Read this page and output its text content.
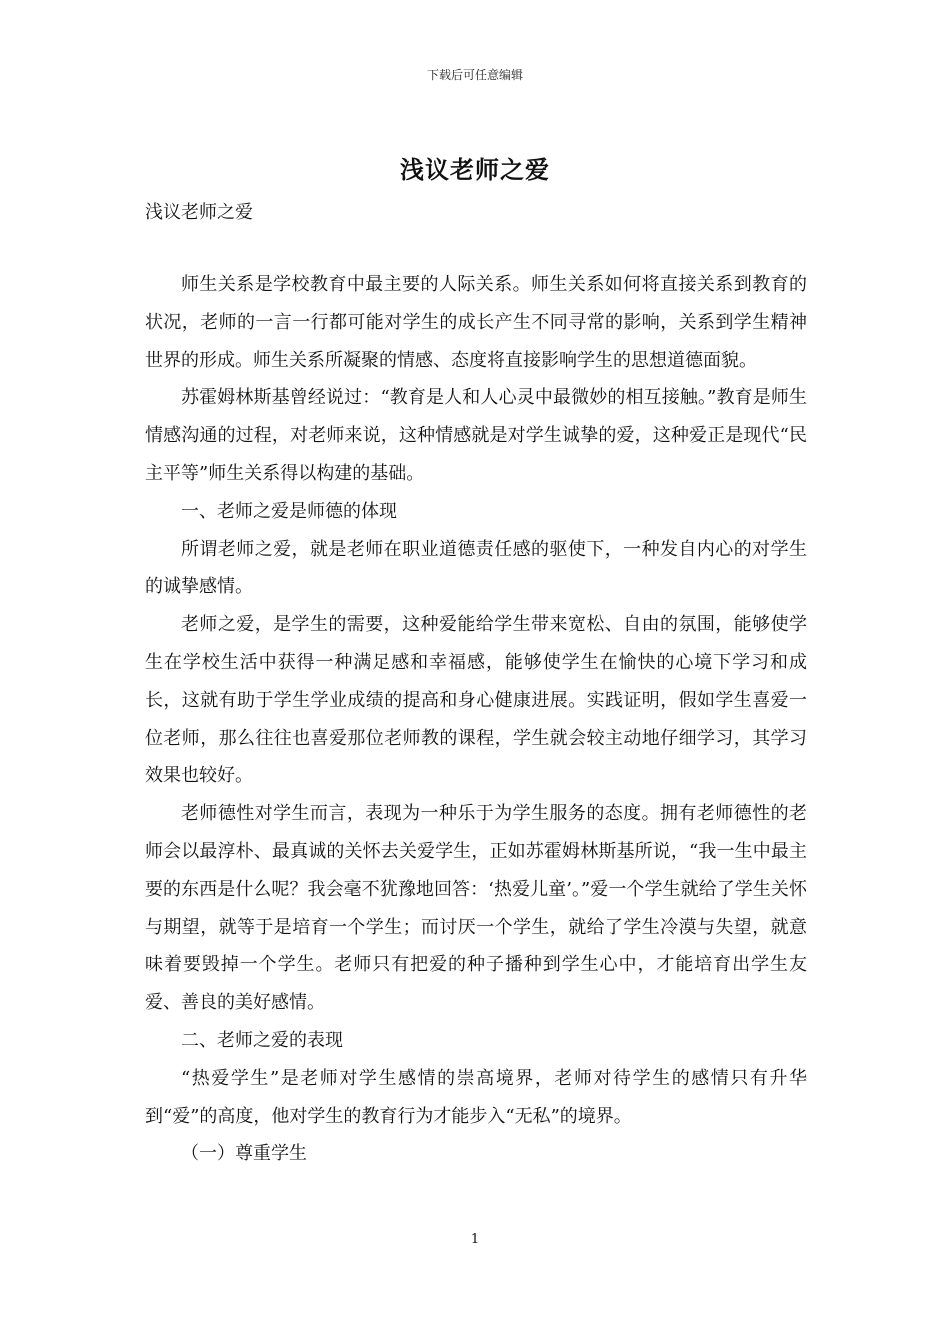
下载后可任意编辑
浅议老师之爱
浅议老师之爱

师生关系是学校教育中最主要的人际关系。师生关系如何将直接关系到教育的状况，老师的一言一行都可能对学生的成长产生不同寻常的影响，关系到学生精神世界的形成。师生关系所凝聚的情感、态度将直接影响学生的思想道德面貌。

苏霍姆林斯基曾经说过：“教育是人和人心灵中最微妙的相互接触。”教育是师生情感沟通的过程，对老师来说，这种情感就是对学生诚挚的爱，这种爱正是现代“民主平等”师生关系得以构建的基础。

一、老师之爱是师德的体现

所谓老师之爱，就是老师在职业道德责任感的驱使下，一种发自内心的对学生的诚挚感情。

老师之爱，是学生的需要，这种爱能给学生带来宽松、自由的氛围，能够使学生在学校生活中获得一种满足感和幸福感，能够使学生在愉快的心境下学习和成长，这就有助于学生学业成绩的提高和身心健康进展。实践证明，假如学生喜爱一位老师，那么往往也喜爱那位老师教的课程，学生就会较主动地仔细学习，其学习效果也较好。

老师德性对学生而言，表现为一种乐于为学生服务的态度。拥有老师德性的老师会以最淳朴、最真诚的关怀去关爱学生，正如苏霍姆林斯基所说，“我一生中最主要的东西是什么呢？我会毫不犹豫地回答：‘热爱儿童’。”爱一个学生就给了学生关怀与期望，就等于是培育一个学生；而讨厌一个学生，就给了学生冷漠与失望，就意味着要毁掉一个学生。老师只有把爱的种子播种到学生心中，才能培育出学生友爱、善良的美好感情。

二、老师之爱的表现

“热爱学生”是老师对学生感情的崇高境界，老师对待学生的感情只有升华到“爱”的高度，他对学生的教育行为才能步入“无私”的境界。

（一）尊重学生

1
